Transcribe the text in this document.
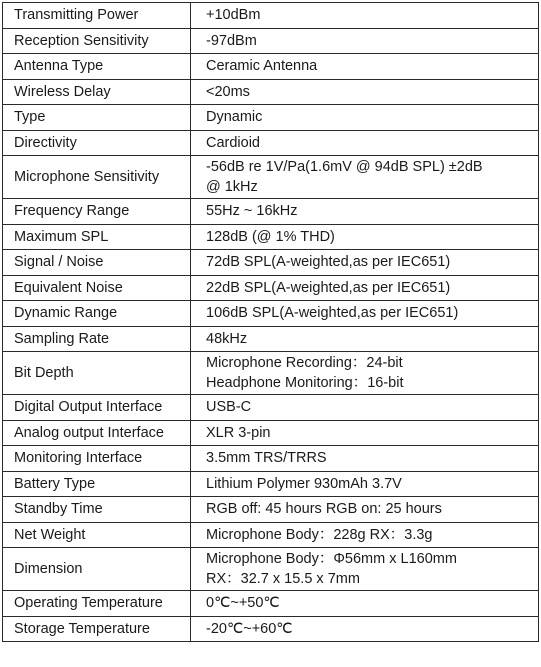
Transmitting Power	+10dBm

Reception Sensitivity	-97dBm

Antenna Type	Ceramic Antenna

Wireless Delay	<20ms

Type	Dynamic

Directivity	Cardioid

Microphone Sensitivity	-56dB re 1V/Pa(1.6mV @ 94dB SPL) ±2dB
@ 1kHz

Frequency Range	55Hz ~ 16kHz

Maximum SPL	128dB (@ 1% THD)

Signal / Noise	72dB SPL(A-weighted,as per IEC651)

Equivalent Noise	22dB SPL(A-weighted,as per IEC651)

Dynamic Range	106dB SPL(A-weighted,as per IEC651)

Sampling Rate	48kHz

Bit Depth	Microphone Recording：24-bit
Headphone Monitoring：16-bit

Digital Output Interface	USB-C

Analog output Interface	XLR 3-pin

Monitoring Interface	3.5mm TRS/TRRS

Battery Type	Lithium Polymer 930mAh 3.7V

Standby Time	RGB off: 45 hours RGB on: 25 hours

Net Weight	Microphone Body：228g RX：3.3g

Dimension	Microphone Body：Φ56mm x L160mm
RX：32.7 x 15.5 x 7mm

Operating Temperature	0℃~+50℃

Storage Temperature	-20℃~+60℃
